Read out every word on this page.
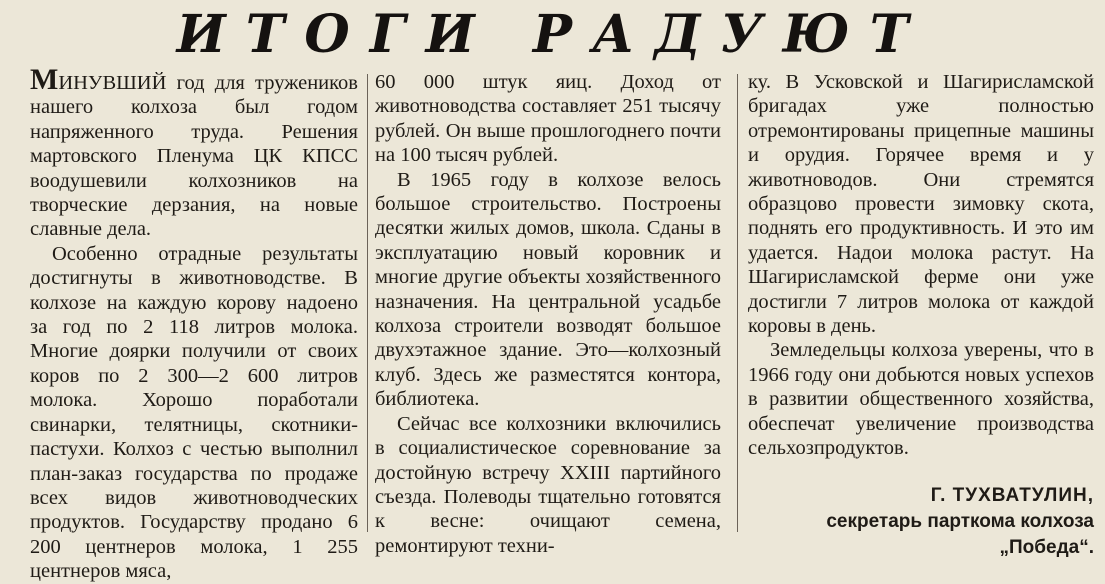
ИТОГИ РАДУЮТ

МИНУВШИЙ год для тружеников нашего колхоза был годом напряженного труда. Решения мартовского Пленума ЦК КПСС воодушевили колхозников на творческие дерзания, на новые славные дела.

Особенно отрадные результаты достигнуты в животноводстве. В колхозе на каждую корову надоено за год по 2 118 литров молока. Многие доярки получили от своих коров по 2 300—2 600 литров молока. Хорошо поработали свинарки, телятницы, скотники-пастухи. Колхоз с честью выполнил план-заказ государства по продаже всех видов животноводческих продуктов. Государству продано 6 200 центнеров молока, 1 255 центнеров мяса,

60 000 штук яиц. Доход от животноводства составляет 251 тысячу рублей. Он выше прошлогоднего почти на 100 тысяч рублей.

В 1965 году в колхозе велось большое строительство. Построены десятки жилых домов, школа. Сданы в эксплуатацию новый коровник и многие другие объекты хозяйственного назначения. На центральной усадьбе колхоза строители возводят большое двухэтажное здание. Это—колхозный клуб. Здесь же разместятся контора, библиотека.

Сейчас все колхозники включились в социалистическое соревнование за достойную встречу XXIII партийного съезда. Полеводы тщательно готовятся к весне: очищают семена, ремонтируют техни-

ку. В Усковской и Шагирисламской бригадах уже полностью отремонтированы прицепные машины и орудия. Горячее время и у животноводов. Они стремятся образцово провести зимовку скота, поднять его продуктивность. И это им удается. Надои молока растут. На Шагирисламской ферме они уже достигли 7 литров молока от каждой коровы в день.

Земледельцы колхоза уверены, что в 1966 году они добьются новых успехов в развитии общественного хозяйства, обеспечат увеличение производства сельхозпродуктов.

Г. ТУХВАТУЛИН,
секретарь парткома колхоза
„Победа“.
